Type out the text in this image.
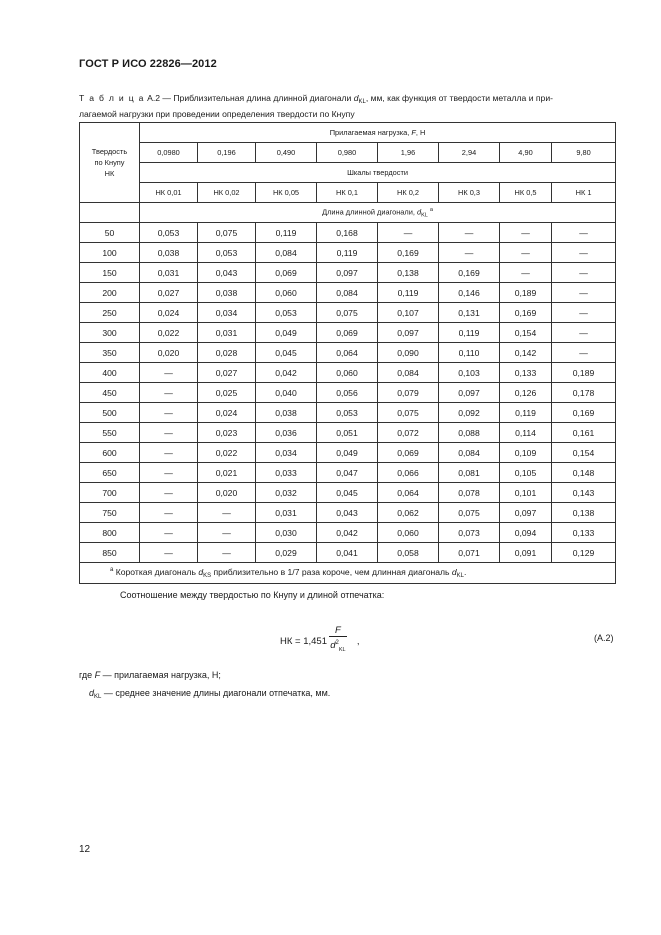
ГОСТ Р ИСО 22826—2012
Т а б л и ц а А.2 — Приблизительная длина длинной диагонали $d_{KL}$, мм, как функция от твердости металла и при-
лагаемой нагрузки при проведении определения твердости по Кнупу
Твердость
по Кнупу
НК	Прилагаемая нагрузка, F, Н							
	0,0980	0,196	0,490	0,980	1,96	2,94	4,90	9,80
	Шкалы твердости							
	НК 0,01	НК 0,02	НК 0,05	НК 0,1	НК 0,2	НК 0,3	НК 0,5	НК 1
	Длина длинной диагонали, $d_{KL}$ $^a$
50	0,053	0,075	0,119	0,168	—	—	—	—
100	0,038	0,053	0,084	0,119	0,169	—	—	—
150	0,031	0,043	0,069	0,097	0,138	0,169	—	—
200	0,027	0,038	0,060	0,084	0,119	0,146	0,189	—
250	0,024	0,034	0,053	0,075	0,107	0,131	0,169	—
300	0,022	0,031	0,049	0,069	0,097	0,119	0,154	—
350	0,020	0,028	0,045	0,064	0,090	0,110	0,142	—
400	—	0,027	0,042	0,060	0,084	0,103	0,133	0,189
450	—	0,025	0,040	0,056	0,079	0,097	0,126	0,178
500	—	0,024	0,038	0,053	0,075	0,092	0,119	0,169
550	—	0,023	0,036	0,051	0,072	0,088	0,114	0,161
600	—	0,022	0,034	0,049	0,069	0,084	0,109	0,154
650	—	0,021	0,033	0,047	0,066	0,081	0,105	0,148
700	—	0,020	0,032	0,045	0,064	0,078	0,101	0,143
750	—	—	0,031	0,043	0,062	0,075	0,097	0,138
800	—	—	0,030	0,042	0,060	0,073	0,094	0,133
850	—	—	0,029	0,041	0,058	0,071	0,091	0,129
$^a$ Короткая диагональ $d_{KS}$ приблизительно в 1/7 раза короче, чем длинная диагональ $d_{KL}$.								
Соотношение между твердостью по Кнупу и длиной отпечатка:
НК = $1,451 \frac{F}{d^2_{KL}}$ ,	(А.2)
где F — прилагаемая нагрузка, Н;
$d_{KL}$ — среднее значение длины диагонали отпечатка, мм.
12
